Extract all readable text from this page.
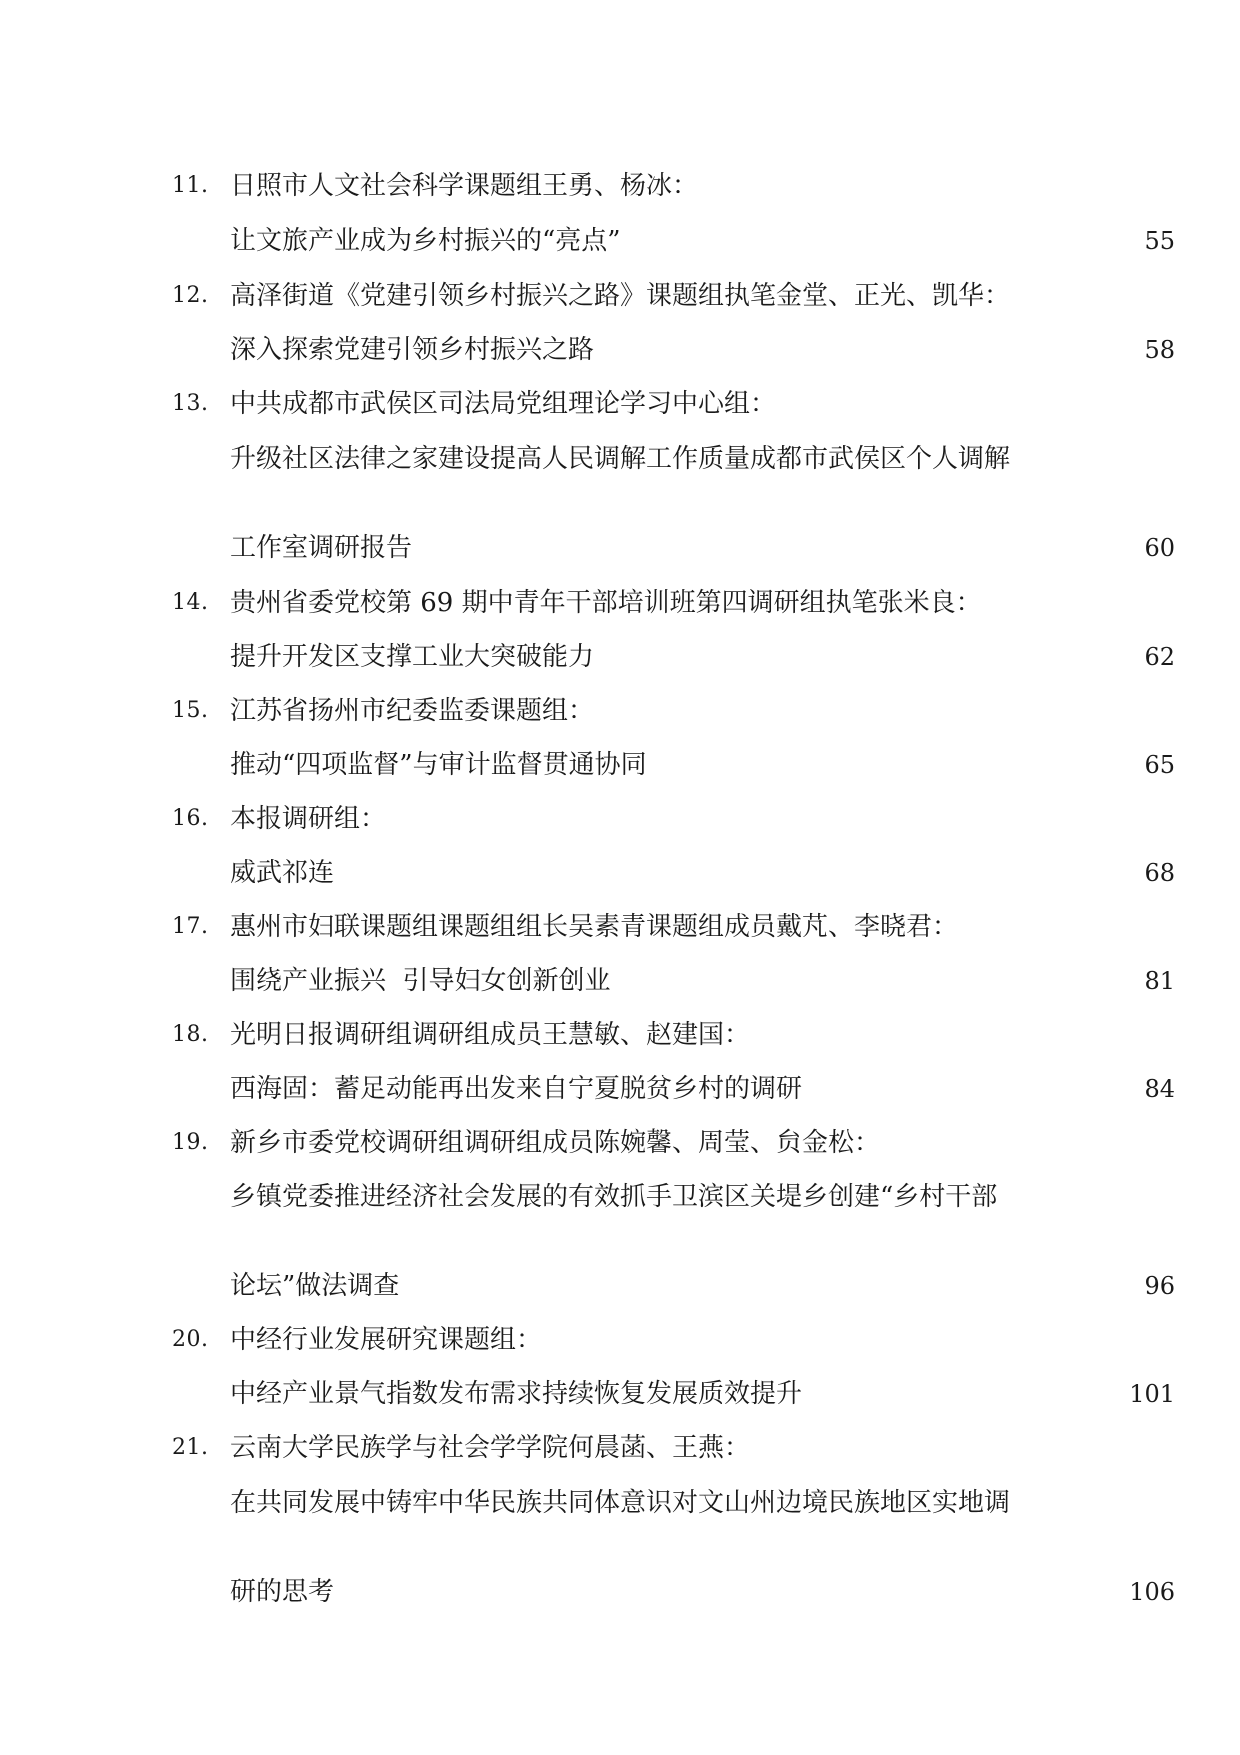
11. 日照市人文社会科学课题组王勇、杨冰：
让文旅产业成为乡村振兴的“亮点”	55
12. 高泽街道《党建引领乡村振兴之路》课题组执笔金堂、正光、凯华：
深入探索党建引领乡村振兴之路	58
13. 中共成都市武侯区司法局党组理论学习中心组：
升级社区法律之家建设提高人民调解工作质量成都市武侯区个人调解
工作室调研报告	60
14. 贵州省委党校第 69 期中青年干部培训班第四调研组执笔张米良：
提升开发区支撑工业大突破能力	62
15. 江苏省扬州市纪委监委课题组：
推动“四项监督”与审计监督贯通协同	65
16. 本报调研组：
威武祁连	68
17. 惠州市妇联课题组课题组组长吴素青课题组成员戴芃、李晓君：
围绕产业振兴  引导妇女创新创业	81
18. 光明日报调研组调研组成员王慧敏、赵建国：
西海固：蓄足动能再出发来自宁夏脱贫乡村的调研	84
19. 新乡市委党校调研组调研组成员陈婉馨、周莹、贠金松：
乡镇党委推进经济社会发展的有效抓手卫滨区关堤乡创建“乡村干部
论坛”做法调查	96
20. 中经行业发展研究课题组：
中经产业景气指数发布需求持续恢复发展质效提升	101
21. 云南大学民族学与社会学学院何晨菡、王燕：
在共同发展中铸牢中华民族共同体意识对文山州边境民族地区实地调
研的思考	106
